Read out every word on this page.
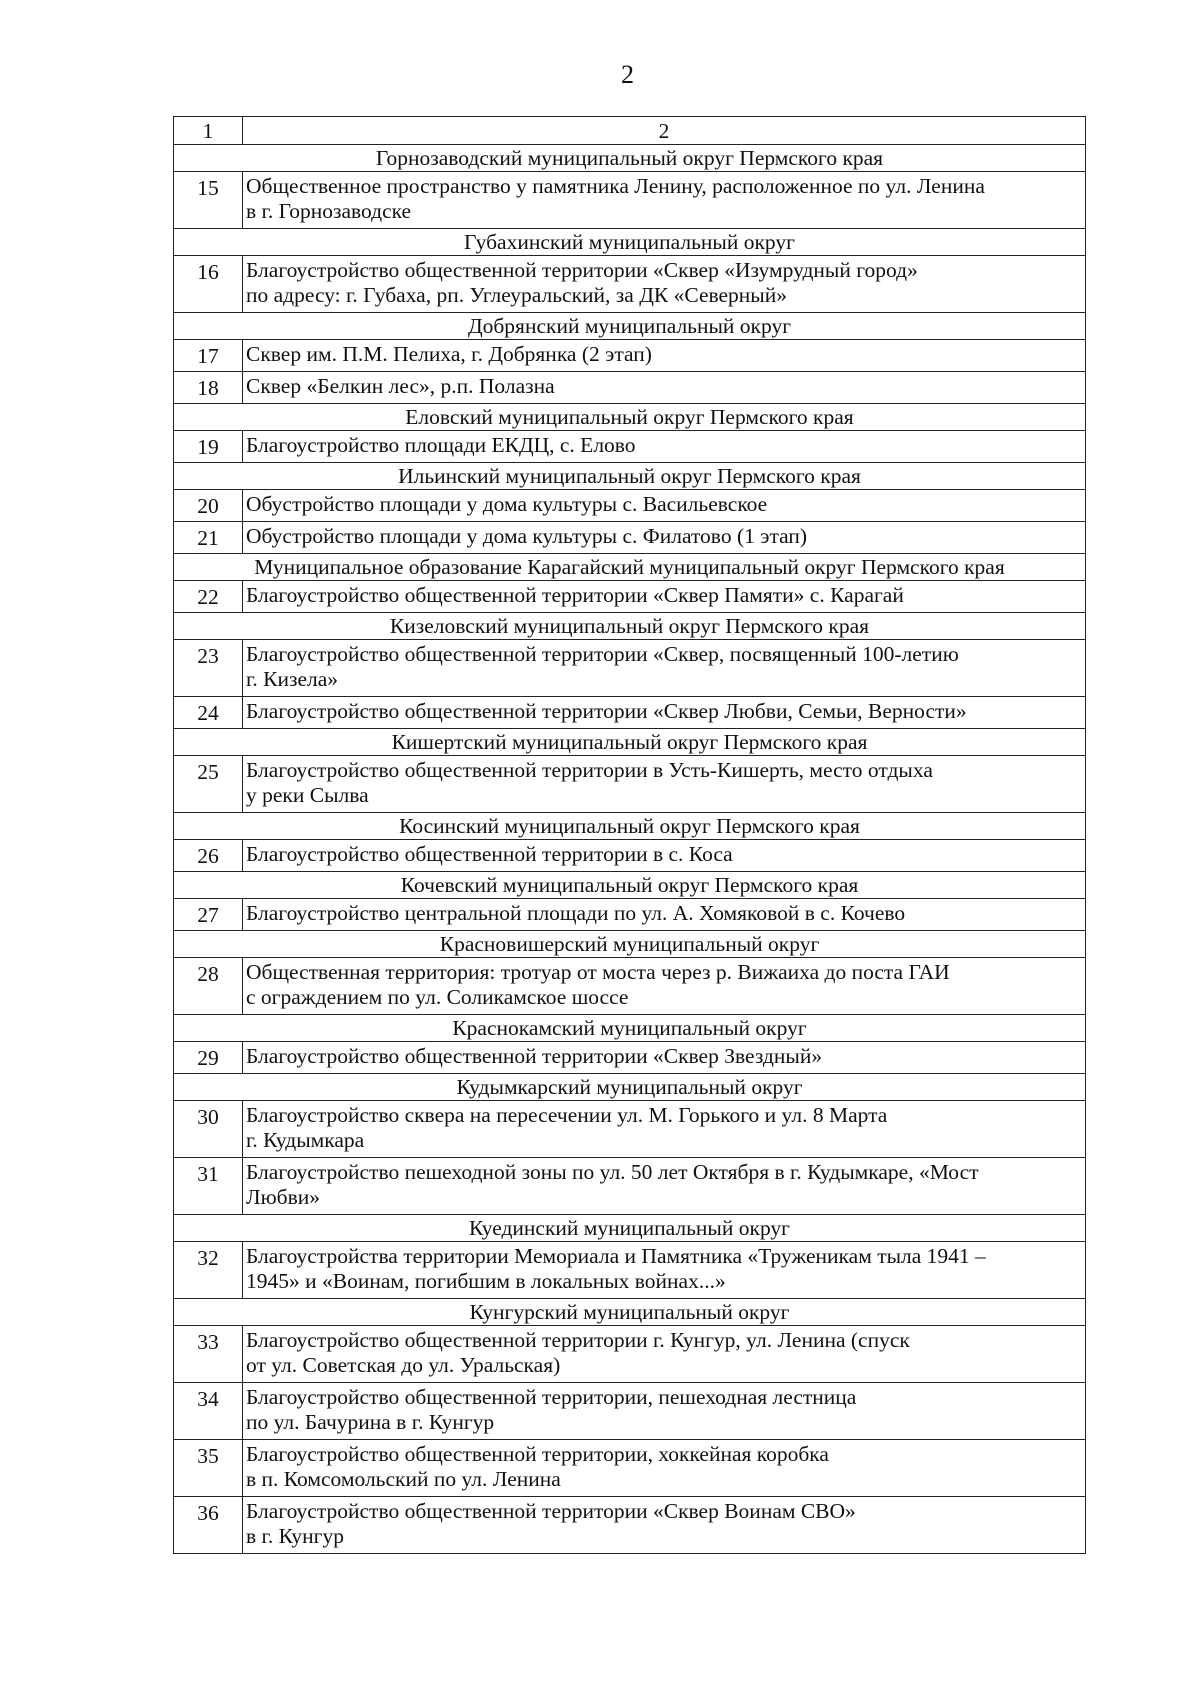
2
1	2
Горнозаводский муниципальный округ Пермского края	
15	Общественное пространство у памятника Ленину, расположенное по ул. Ленина
в г. Горнозаводске

Губахинский муниципальный округ	
16	Благоустройство общественной территории «Сквер «Изумрудный город»
по адресу: г. Губаха, рп. Углеуральский, за ДК «Северный»

Добрянский муниципальный округ	
17	Сквер им. П.М. Пелиха, г. Добрянка (2 этап)

18	Сквер «Белкин лес», р.п. Полазна

Еловский муниципальный округ Пермского края	
19	Благоустройство площади ЕКДЦ, с. Елово

Ильинский муниципальный округ Пермского края	
20	Обустройство площади у дома культуры с. Васильевское

21	Обустройство площади у дома культуры с. Филатово (1 этап)

Муниципальное образование Карагайский муниципальный округ Пермского края	
22	Благоустройство общественной территории «Сквер Памяти» с. Карагай

Кизеловский муниципальный округ Пермского края	
23	Благоустройство общественной территории «Сквер, посвященный 100-летию
г. Кизела»

24	Благоустройство общественной территории «Сквер Любви, Семьи, Верности»

Кишертский муниципальный округ Пермского края	
25	Благоустройство общественной территории в Усть-Кишерть, место отдыха
у реки Сылва

Косинский муниципальный округ Пермского края	
26	Благоустройство общественной территории в с. Коса

Кочевский муниципальный округ Пермского края	
27	Благоустройство центральной площади по ул. А. Хомяковой в с. Кочево

Красновишерский муниципальный округ	
28	Общественная территория: тротуар от моста через р. Вижаиха до поста ГАИ
с ограждением по ул. Соликамское шоссе

Краснокамский муниципальный округ	
29	Благоустройство общественной территории «Сквер Звездный»

Кудымкарский муниципальный округ	
30	Благоустройство сквера на пересечении ул. М. Горького и ул. 8 Марта
г. Кудымкара

31	Благоустройство пешеходной зоны по ул. 50 лет Октября в г. Кудымкаре, «Мост
Любви»

Куединский муниципальный округ	
32	Благоустройства территории Мемориала и Памятника «Труженикам тыла 1941 –
1945» и «Воинам, погибшим в локальных войнах...»

Кунгурский муниципальный округ	
33	Благоустройство общественной территории г. Кунгур, ул. Ленина (спуск
от ул. Советская до ул. Уральская)

34	Благоустройство общественной территории, пешеходная лестница
по ул. Бачурина в г. Кунгур

35	Благоустройство общественной территории, хоккейная коробка
в п. Комсомольский по ул. Ленина

36	Благоустройство общественной территории «Сквер Воинам СВО»
в г. Кунгур
